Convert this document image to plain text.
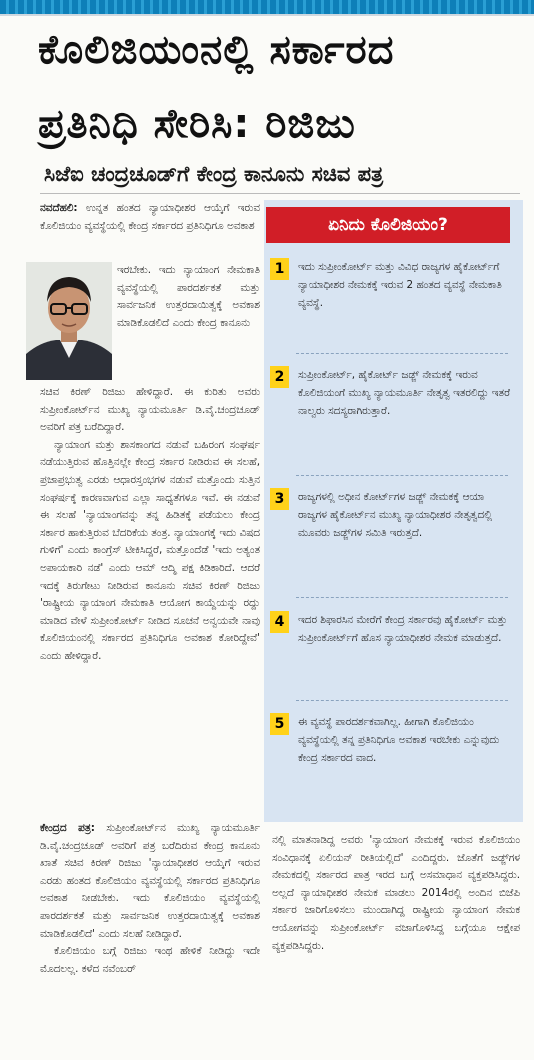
ಕೊಲಿಜಿಯಂನಲ್ಲಿ ಸರ್ಕಾರದ
ಪ್ರತಿನಿಧಿ ಸೇರಿಸಿ: ರಿಜಿಜು
ಸಿಜೆಐ ಚಂದ್ರಚೂಡ್‌ಗೆ ಕೇಂದ್ರ ಕಾನೂನು ಸಚಿವ ಪತ್ರ

ನವದೆಹಲಿ: ಉನ್ನತ ಹಂತದ ನ್ಯಾಯಾಧೀಶರ ಆಯ್ಕೆಗೆ ಇರುವ ಕೊಲಿಜಿಯಂ ವ್ಯವಸ್ಥೆಯಲ್ಲಿ ಕೇಂದ್ರ ಸರ್ಕಾರದ ಪ್ರತಿನಿಧಿಗೂ ಅವಕಾಶ

ಇರಬೇಕು. ಇದು ನ್ಯಾಯಾಂಗ ನೇಮಕಾತಿ ವ್ಯವಸ್ಥೆಯಲ್ಲಿ ಪಾರದರ್ಶಕತೆ ಮತ್ತು ಸಾರ್ವಜನಿಕ ಉತ್ತರದಾಯಿತ್ವಕ್ಕೆ ಅವಕಾಶ ಮಾಡಿಕೊಡಲಿದೆ ಎಂದು ಕೇಂದ್ರ ಕಾನೂನು

ಸಚಿವ ಕಿರಣ್ ರಿಜಿಜು ಹೇಳಿದ್ದಾರೆ. ಈ ಕುರಿತು ಅವರು ಸುಪ್ರೀಂಕೋರ್ಟ್‌ನ ಮುಖ್ಯ ನ್ಯಾಯಮೂರ್ತಿ ಡಿ.ವೈ.ಚಂದ್ರಚೂಡ್ ಅವರಿಗೆ ಪತ್ರ ಬರೆದಿದ್ದಾರೆ.

ನ್ಯಾಯಾಂಗ ಮತ್ತು ಶಾಸಕಾಂಗದ ನಡುವೆ ಬಹಿರಂಗ ಸಂಘರ್ಷ ನಡೆಯುತ್ತಿರುವ ಹೊತ್ತಿನಲ್ಲೇ ಕೇಂದ್ರ ಸರ್ಕಾರ ನೀಡಿರುವ ಈ ಸಲಹೆ, ಪ್ರಜಾಪ್ರಭುತ್ವ ಎರಡು ಆಧಾರಸ್ತಂಭಗಳ ನಡುವೆ ಮತ್ತೊಂದು ಸುತ್ತಿನ ಸಂಘರ್ಷಕ್ಕೆ ಕಾರಣವಾಗುವ ಎಲ್ಲಾ ಸಾಧ್ಯತೆಗಳೂ ಇವೆ. ಈ ನಡುವೆ ಈ ಸಲಹೆ 'ನ್ಯಾಯಾಂಗವನ್ನು ತನ್ನ ಹಿಡಿತಕ್ಕೆ ಪಡೆಯಲು ಕೇಂದ್ರ ಸರ್ಕಾರ ಹಾಕುತ್ತಿರುವ ಬೆದರಿಕೆಯ ತಂತ್ರ. ನ್ಯಾಯಾಂಗಕ್ಕೆ ಇದು ವಿಷದ ಗುಳಿಗೆ' ಎಂದು ಕಾಂಗ್ರೆಸ್ ಟೀಕಿಸಿದ್ದರೆ, ಮತ್ತೊಂದೆಡೆ 'ಇದು ಅತ್ಯಂತ ಅಪಾಯಕಾರಿ ನಡೆ' ಎಂದು ಆಮ್ ಆದ್ಮಿ ಪಕ್ಷ ಕಿಡಿಕಾರಿದೆ. ಆದರೆ ಇದಕ್ಕೆ ತಿರುಗೇಟು ನೀಡಿರುವ ಕಾನೂನು ಸಚಿವ ಕಿರಣ್ ರಿಜಿಜು 'ರಾಷ್ಟ್ರೀಯ ನ್ಯಾಯಾಂಗ ನೇಮಕಾತಿ ಆಯೋಗ ಕಾಯ್ದೆಯನ್ನು ರದ್ದು ಮಾಡಿದ ವೇಳೆ ಸುಪ್ರೀಂಕೋರ್ಟ್ ನೀಡಿದ ಸೂಚನೆ ಅನ್ವಯವೇ ನಾವು ಕೊಲಿಜಿಯಂನಲ್ಲಿ ಸರ್ಕಾರದ ಪ್ರತಿನಿಧಿಗೂ ಅವಕಾಶ ಕೋರಿದ್ದೇವೆ' ಎಂದು ಹೇಳಿದ್ದಾರೆ.

ಕೇಂದ್ರದ ಪತ್ರ: ಸುಪ್ರೀಂಕೋರ್ಟ್‌ನ ಮುಖ್ಯ ನ್ಯಾಯಮೂರ್ತಿ ಡಿ.ವೈ.ಚಂದ್ರಚೂಡ್ ಅವರಿಗೆ ಪತ್ರ ಬರೆದಿರುವ ಕೇಂದ್ರ ಕಾನೂನು ಖಾತೆ ಸಚಿವ ಕಿರಣ್ ರಿಜಿಜು 'ನ್ಯಾಯಾಧೀಶರ ಆಯ್ಕೆಗೆ ಇರುವ ಎರಡು ಹಂತದ ಕೊಲಿಜಿಯಂ ವ್ಯವಸ್ಥೆಯಲ್ಲಿ ಸರ್ಕಾರದ ಪ್ರತಿನಿಧಿಗೂ ಅವಕಾಶ ನೀಡಬೇಕು. ಇದು ಕೊಲಿಜಿಯಂ ವ್ಯವಸ್ಥೆಯಲ್ಲಿ ಪಾರದರ್ಶಕತೆ ಮತ್ತು ಸಾರ್ವಜನಿಕ ಉತ್ತರದಾಯಿತ್ವಕ್ಕೆ ಅವಕಾಶ ಮಾಡಿಕೊಡಲಿದೆ' ಎಂದು ಸಲಹೆ ನೀಡಿದ್ದಾರೆ.

ಕೊಲಿಜಿಯಂ ಬಗ್ಗೆ ರಿಜಿಜು ಇಂಥ ಹೇಳಿಕೆ ನೀಡಿದ್ದು ಇದೇ ಮೊದಲಲ್ಲ. ಕಳೆದ ನವೆಂಬರ್

ನಲ್ಲಿ ಮಾತನಾಡಿದ್ದ ಅವರು 'ನ್ಯಾಯಾಂಗ ನೇಮಕಕ್ಕೆ ಇರುವ ಕೊಲಿಜಿಯಂ ಸಂವಿಧಾನಕ್ಕೆ ಏಲಿಯನ್ ರೀತಿಯಲ್ಲಿದೆ' ಎಂದಿದ್ದರು. ಜೊತೆಗೆ ಜಡ್ಜ್‌ಗಳ ನೇಮಕದಲ್ಲಿ ಸರ್ಕಾರದ ಪಾತ್ರ ಇರದ ಬಗ್ಗೆ ಅಸಮಾಧಾನ ವ್ಯಕ್ತಪಡಿಸಿದ್ದರು. ಅಲ್ಲದೆ ನ್ಯಾಯಾಧೀಶರ ನೇಮಕ ಮಾಡಲು 2014ರಲ್ಲಿ ಅಂದಿನ ಬಿಜೆಪಿ ಸರ್ಕಾರ ಜಾರಿಗೊಳಿಸಲು ಮುಂದಾಗಿದ್ದ ರಾಷ್ಟ್ರೀಯ ನ್ಯಾಯಾಂಗ ನೇಮಕ ಆಯೋಗವನ್ನು ಸುಪ್ರೀಂಕೋರ್ಟ್ ವಜಾಗೊಳಿಸಿದ್ದ ಬಗ್ಗೆಯೂ ಆಕ್ಷೇಪ ವ್ಯಕ್ತಪಡಿಸಿದ್ದರು.

ಏನಿದು ಕೊಲಿಜಿಯಂ?
1	ಇದು ಸುಪ್ರೀಂಕೋರ್ಟ್ ಮತ್ತು ವಿವಿಧ ರಾಜ್ಯಗಳ ಹೈಕೋರ್ಟ್‌ಗೆ ನ್ಯಾಯಾಧೀಶರ ನೇಮಕಕ್ಕೆ ಇರುವ 2 ಹಂತದ ವ್ಯವಸ್ಥೆ ನೇಮಕಾತಿ ವ್ಯವಸ್ಥೆ.
2	ಸುಪ್ರೀಂಕೋರ್ಟ್, ಹೈಕೋರ್ಟ್ ಜಡ್ಜ್ ನೇಮಕಕ್ಕೆ ಇರುವ ಕೊಲಿಜಿಯಂಗೆ ಮುಖ್ಯ ನ್ಯಾಯಮೂರ್ತಿ ನೇತೃತ್ವ ಇತರಲಿದ್ದು ಇತರೆ ನಾಲ್ವರು ಸದಸ್ಯರಾಗಿರುತ್ತಾರೆ.
3	ರಾಜ್ಯಗಳಲ್ಲಿ ಅಧೀನ ಕೋರ್ಟ್‌ಗಳ ಜಡ್ಜ್ ನೇಮಕಕ್ಕೆ ಆಯಾ ರಾಜ್ಯಗಳ ಹೈಕೋರ್ಟ್‌ನ ಮುಖ್ಯ ನ್ಯಾಯಾಧೀಶರ ನೇತೃತ್ವದಲ್ಲಿ ಮೂವರು ಜಡ್ಜ್‌ಗಳ ಸಮಿತಿ ಇರುತ್ತದೆ.
4	ಇದರ ಶಿಫಾರಸಿನ ಮೇರೆಗೆ ಕೇಂದ್ರ ಸರ್ಕಾರವು ಹೈಕೋರ್ಟ್ ಮತ್ತು ಸುಪ್ರೀಂಕೋರ್ಟ್‌ಗೆ ಹೊಸ ನ್ಯಾಯಾಧೀಶರ ನೇಮಕ ಮಾಡುತ್ತದೆ.
5	ಈ ವ್ಯವಸ್ಥೆ ಪಾರದರ್ಶಕವಾಗಿಲ್ಲ. ಹೀಗಾಗಿ ಕೊಲಿಜಿಯಂ ವ್ಯವಸ್ಥೆಯಲ್ಲಿ ತನ್ನ ಪ್ರತಿನಿಧಿಗೂ ಅವಕಾಶ ಇರಬೇಕು ಎನ್ನುವುದು ಕೇಂದ್ರ ಸರ್ಕಾರದ ವಾದ.
